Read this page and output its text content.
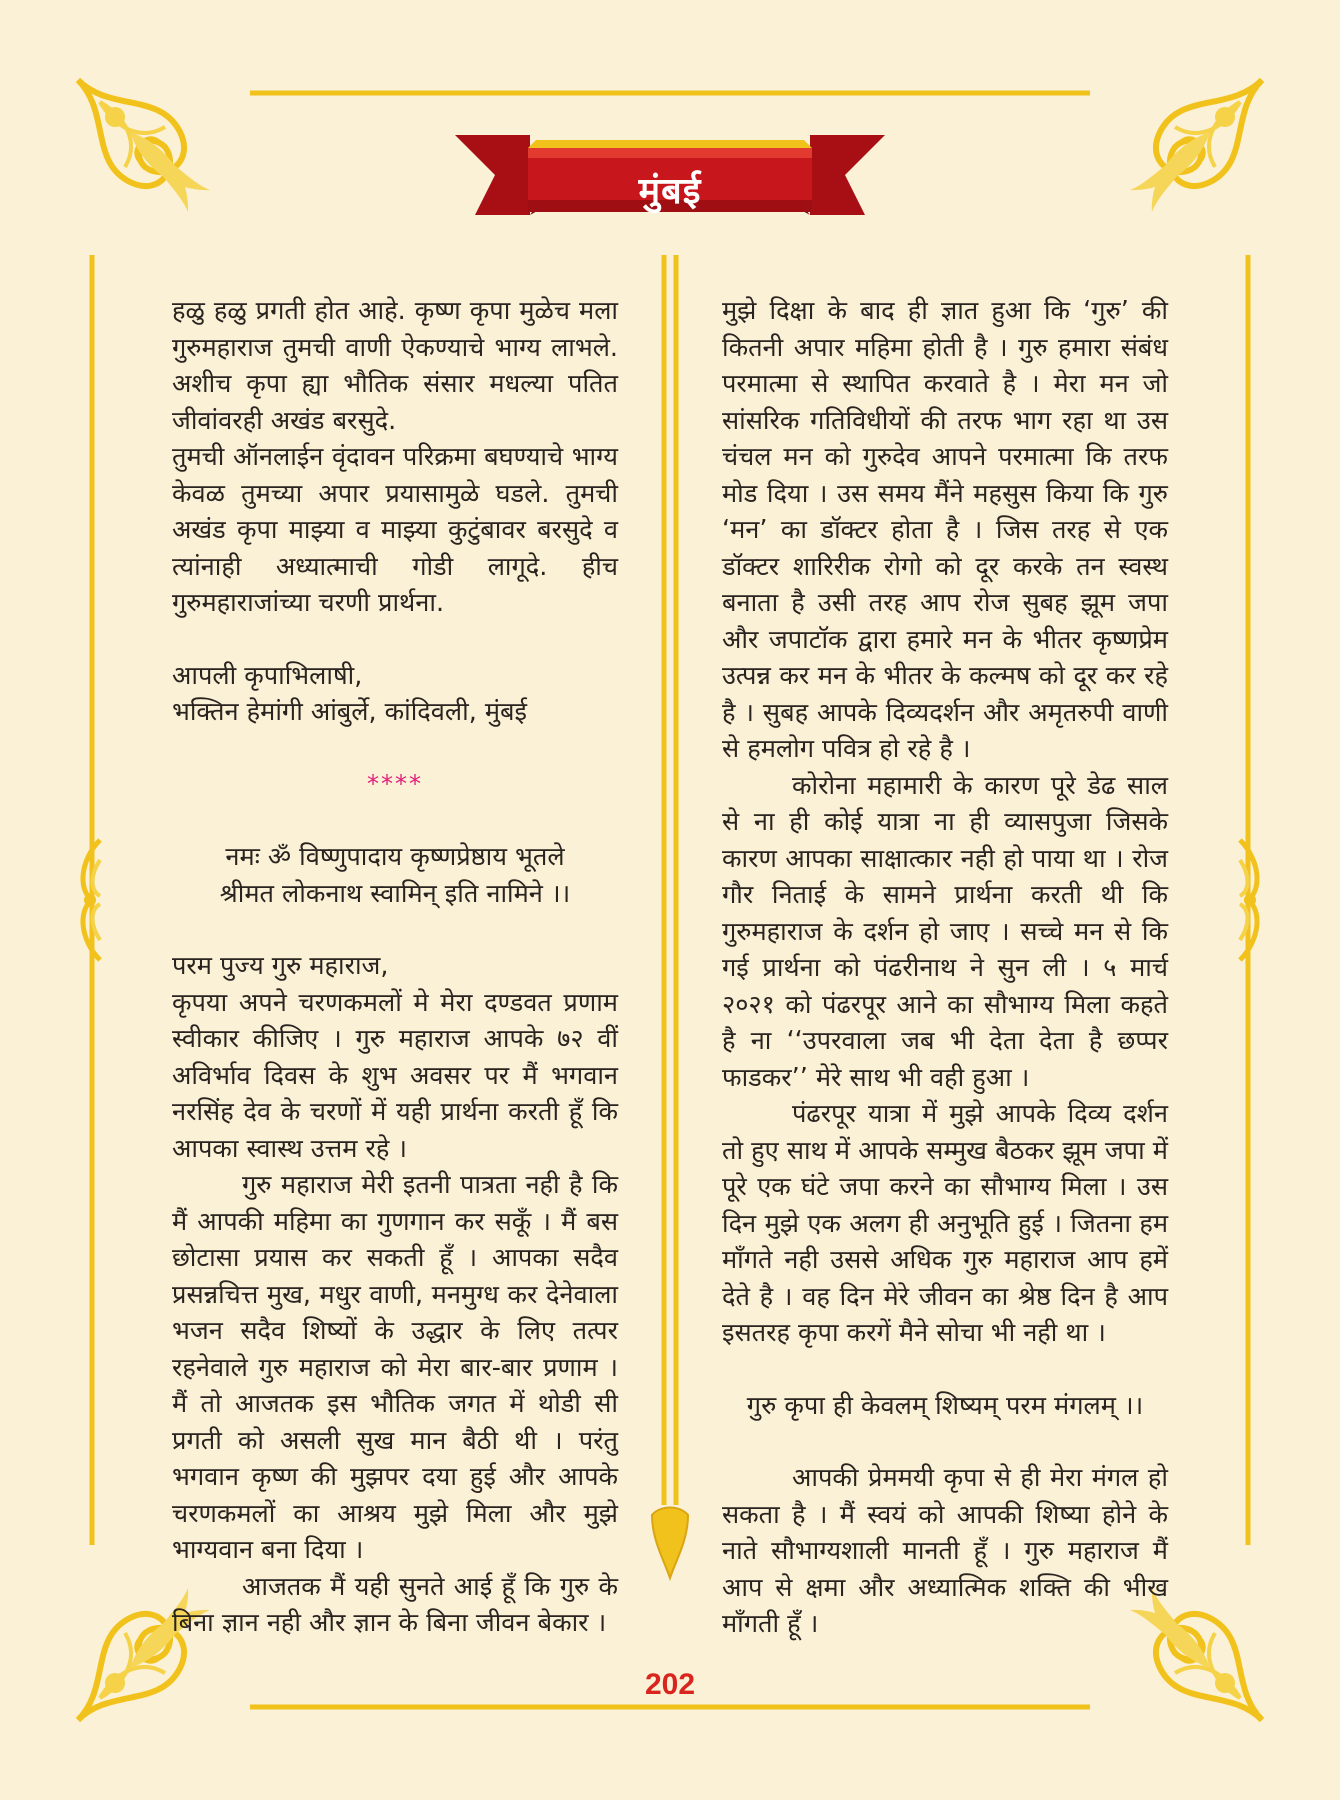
मुंबई

हळु हळु प्रगती होत आहे. कृष्ण कृपा मुळेच मला गुरुमहाराज तुमची वाणी ऐकण्याचे भाग्य लाभले. अशीच कृपा ह्या भौतिक संसार मधल्या पतित जीवांवरही अखंड बरसुदे.

तुमची ऑनलाईन वृंदावन परिक्रमा बघण्याचे भाग्य केवळ तुमच्या अपार प्रयासामुळे घडले. तुमची अखंड कृपा माझ्या व माझ्या कुटुंबावर बरसुदे व त्यांनाही अध्यात्माची गोडी लागूदे. हीच गुरुमहाराजांच्या चरणी प्रार्थना.

आपली कृपाभिलाषी,

भक्तिन हेमांगी आंबुर्ले, कांदिवली, मुंबई

****

नमः ॐ विष्णुपादाय कृष्णप्रेष्ठाय भूतले

श्रीमत लोकनाथ स्वामिन् इति नामिने ।।

परम पुज्य गुरु महाराज,

कृपया अपने चरणकमलों मे मेरा दण्डवत प्रणाम स्वीकार कीजिए । गुरु महाराज आपके ७२ वीं अविर्भाव दिवस के शुभ अवसर पर मैं भगवान नरसिंह देव के चरणों में यही प्रार्थना करती हूँ कि आपका स्वास्थ उत्तम रहे ।

गुरु महाराज मेरी इतनी पात्रता नही है कि मैं आपकी महिमा का गुणगान कर सकूँ । मैं बस छोटासा प्रयास कर सकती हूँ । आपका सदैव प्रसन्नचित्त मुख, मधुर वाणी, मनमुग्ध कर देनेवाला भजन सदैव शिष्यों के उद्धार के लिए तत्पर रहनेवाले गुरु महाराज को मेरा बार-बार प्रणाम । मैं तो आजतक इस भौतिक जगत में थोडी सी प्रगती को असली सुख मान बैठी थी । परंतु भगवान कृष्ण की मुझपर दया हुई और आपके चरणकमलों का आश्रय मुझे मिला और मुझे भाग्यवान बना दिया ।

आजतक मैं यही सुनते आई हूँ कि गुरु के बिना ज्ञान नही और ज्ञान के बिना जीवन बेकार ।

मुझे दिक्षा के बाद ही ज्ञात हुआ कि ‘गुरु’ की कितनी अपार महिमा होती है । गुरु हमारा संबंध परमात्मा से स्थापित करवाते है । मेरा मन जो सांसरिक गतिविधीयों की तरफ भाग रहा था उस चंचल मन को गुरुदेव आपने परमात्मा कि तरफ मोड दिया । उस समय मैंने महसुस किया कि गुरु ‘मन’ का डॉक्टर होता है । जिस तरह से एक डॉक्टर शारिरीक रोगो को दूर करके तन स्वस्थ बनाता है उसी तरह आप रोज सुबह झूम जपा और जपाटॉक द्वारा हमारे मन के भीतर कृष्णप्रेम उत्पन्न कर मन के भीतर के कल्मष को दूर कर रहे है । सुबह आपके दिव्यदर्शन और अमृतरुपी वाणी से हमलोग पवित्र हो रहे है ।

कोरोना महामारी के कारण पूरे डेढ साल से ना ही कोई यात्रा ना ही व्यासपुजा जिसके कारण आपका साक्षात्कार नही हो पाया था । रोज गौर निताई के सामने प्रार्थना करती थी कि गुरुमहाराज के दर्शन हो जाए । सच्चे मन से कि गई प्रार्थना को पंढरीनाथ ने सुन ली । ५ मार्च २०२१ को पंढरपूर आने का सौभाग्य मिला कहते है ना ‘‘उपरवाला जब भी देता देता है छप्पर फाडकर’’ मेरे साथ भी वही हुआ ।

पंढरपूर यात्रा में मुझे आपके दिव्य दर्शन तो हुए साथ में आपके सम्मुख बैठकर झूम जपा में पूरे एक घंटे जपा करने का सौभाग्य मिला । उस दिन मुझे एक अलग ही अनुभूति हुई । जितना हम माँगते नही उससे अधिक गुरु महाराज आप हमें देते है । वह दिन मेरे जीवन का श्रेष्ठ दिन है आप इसतरह कृपा करगें मैने सोचा भी नही था ।

गुरु कृपा ही केवलम् शिष्यम् परम मंगलम् ।।

आपकी प्रेममयी कृपा से ही मेरा मंगल हो सकता है । मैं स्वयं को आपकी शिष्या होने के नाते सौभाग्यशाली मानती हूँ । गुरु महाराज मैं आप से क्षमा और अध्यात्मिक शक्ति की भीख माँगती हूँ ।

202
